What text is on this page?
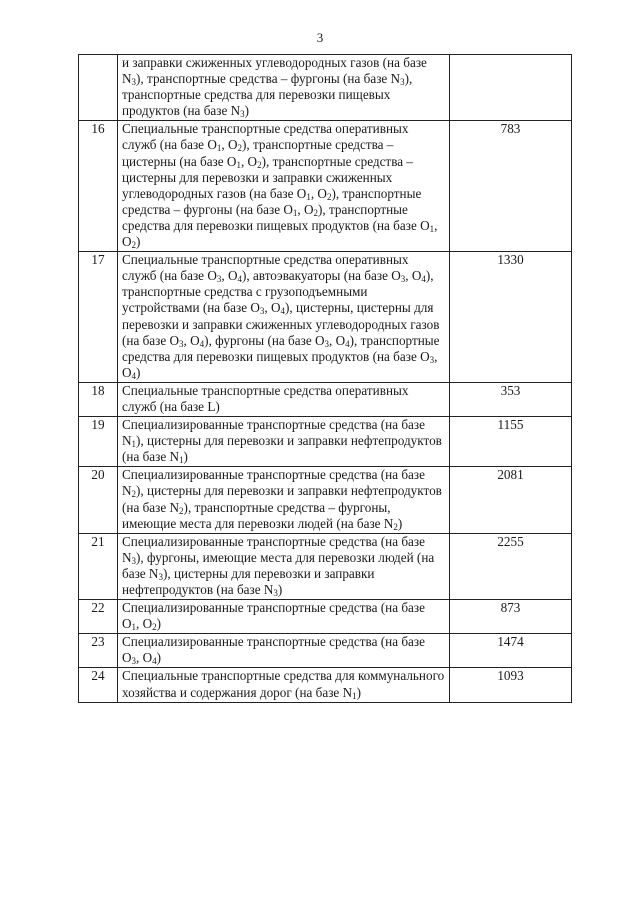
3
	и заправки сжиженных углеводородных газов (на базе $N_3$), транспортные средства – фургоны (на базе $N_3$), транспортные средства для перевозки пищевых продуктов (на базе $N_3$)	
16	Специальные транспортные средства оперативных служб (на базе $O_1$, $O_2$), транспортные средства – цистерны (на базе $O_1$, $O_2$), транспортные средства – цистерны для перевозки и заправки сжиженных углеводородных газов (на базе $O_1$, $O_2$), транспортные средства – фургоны (на базе $O_1$, $O_2$), транспортные средства для перевозки пищевых продуктов (на базе $O_1$, $O_2$)	783
17	Специальные транспортные средства оперативных служб (на базе $O_3$, $O_4$), автоэвакуаторы (на базе $O_3$, $O_4$), транспортные средства с грузоподъемными устройствами (на базе $O_3$, $O_4$), цистерны, цистерны для перевозки и заправки сжиженных углеводородных газов (на базе $O_3$, $O_4$), фургоны (на базе $O_3$, $O_4$), транспортные средства для перевозки пищевых продуктов (на базе $O_3$, $O_4$)	1330
18	Специальные транспортные средства оперативных служб (на базе L)	353
19	Специализированные транспортные средства (на базе $N_1$), цистерны для перевозки и заправки нефтепродуктов (на базе $N_1$)	1155
20	Специализированные транспортные средства (на базе $N_2$), цистерны для перевозки и заправки нефтепродуктов (на базе $N_2$), транспортные средства – фургоны, имеющие места для перевозки людей (на базе $N_2$)	2081
21	Специализированные транспортные средства (на базе $N_3$), фургоны, имеющие места для перевозки людей (на базе $N_3$), цистерны для перевозки и заправки нефтепродуктов (на базе $N_3$)	2255
22	Специализированные транспортные средства (на базе $O_1$, $O_2$)	873
23	Специализированные транспортные средства (на базе $O_3$, $O_4$)	1474
24	Специальные транспортные средства для коммунального хозяйства и содержания дорог (на базе $N_1$)	1093
